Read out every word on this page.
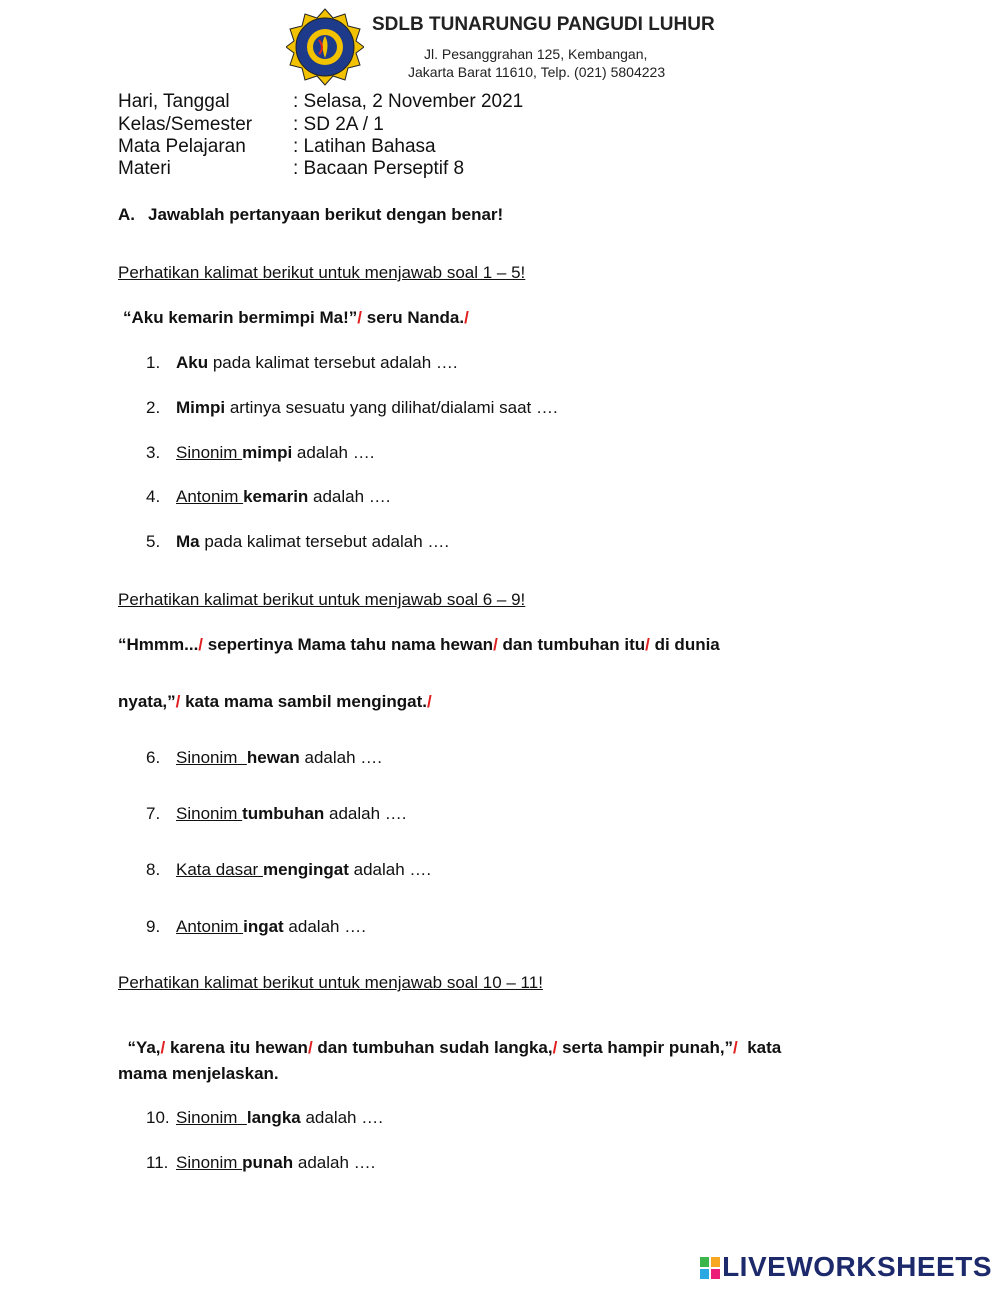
SDLB TUNARUNGU PANGUDI LUHUR
Jl. Pesanggrahan 125, Kembangan,
Jakarta Barat 11610, Telp. (021) 5804223
Hari, Tanggal	: Selasa, 2 November 2021
Kelas/Semester : SD 2A / 1
Mata Pelajaran : Latihan Bahasa
Materi	: Bacaan Perseptif 8
A. Jawablah pertanyaan berikut dengan benar!
Perhatikan kalimat berikut untuk menjawab soal 1 – 5!
“Aku kemarin bermimpi Ma!”/ seru Nanda./
1. Aku pada kalimat tersebut adalah ….
2. Mimpi artinya sesuatu yang dilihat/dialami saat ….
3. Sinonim mimpi adalah ….
4. Antonim kemarin adalah ….
5. Ma pada kalimat tersebut adalah ….
Perhatikan kalimat berikut untuk menjawab soal 6 – 9!
“Hmmm.../ sepertinya Mama tahu nama hewan/ dan tumbuhan itu/ di dunia
nyata,”/ kata mama sambil mengingat./
6. Sinonim  hewan adalah ….
7. Sinonim tumbuhan adalah ….
8. Kata dasar mengingat adalah ….
9. Antonim ingat adalah ….
Perhatikan kalimat berikut untuk menjawab soal 10 – 11!

“Ya,/ karena itu hewan/ dan tumbuhan sudah langka,/ serta hampir punah,”/  kata

mama menjelaskan.
10. Sinonim  langka adalah ….
11. Sinonim punah adalah ….
LIVEWORKSHEETS
